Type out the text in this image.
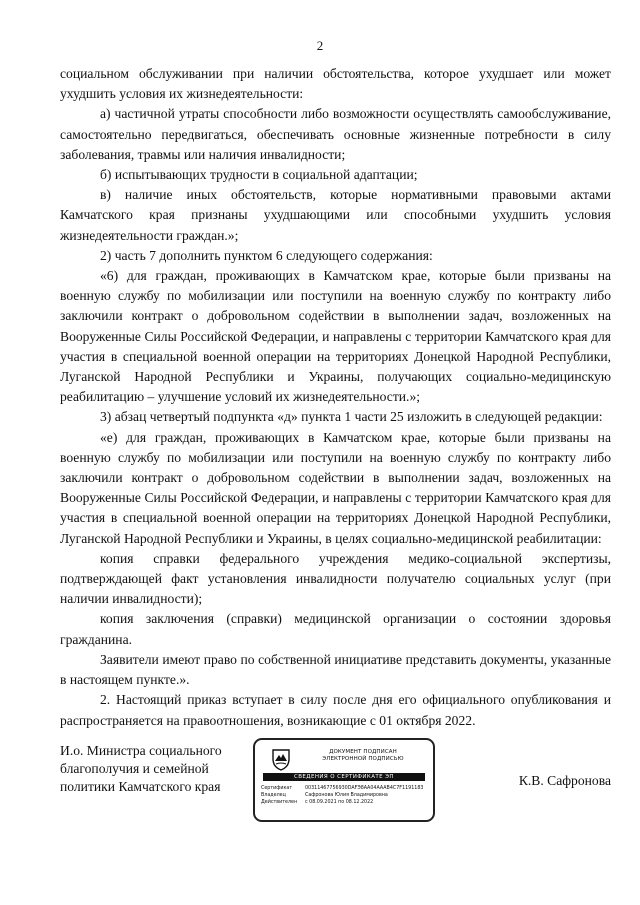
2

социальном обслуживании при наличии обстоятельства, которое ухудшает или может ухудшить условия их жизнедеятельности:

а) частичной утраты способности либо возможности осуществлять самообслуживание, самостоятельно передвигаться, обеспечивать основные жизненные потребности в силу заболевания, травмы или наличия инвалидности;

б) испытывающих трудности в социальной адаптации;

в) наличие иных обстоятельств, которые нормативными правовыми актами Камчатского края признаны ухудшающими или способными ухудшить условия жизнедеятельности граждан.»;

2) часть 7 дополнить пунктом 6 следующего содержания:

«6) для граждан, проживающих в Камчатском крае, которые были призваны на военную службу по мобилизации или поступили на военную службу по контракту либо заключили контракт о добровольном содействии в выполнении задач, возложенных на Вооруженные Силы Российской Федерации, и направлены с территории Камчатского края для участия в специальной военной операции на территориях Донецкой Народной Республики, Луганской Народной Республики и Украины, получающих социально-медицинскую реабилитацию – улучшение условий их жизнедеятельности.»;

3) абзац четвертый подпункта «д» пункта 1 части 25 изложить в следующей редакции:

«е) для граждан, проживающих в Камчатском крае, которые были призваны на военную службу по мобилизации или поступили на военную службу по контракту либо заключили контракт о добровольном содействии в выполнении задач, возложенных на Вооруженные Силы Российской Федерации, и направлены с территории Камчатского края для участия в специальной военной операции на территориях Донецкой Народной Республики, Луганской Народной Республики и Украины, в целях социально-медицинской реабилитации:

копия справки федерального учреждения медико-социальной экспертизы, подтверждающей факт установления инвалидности получателю социальных услуг (при наличии инвалидности);

копия заключения (справки) медицинской организации о состоянии здоровья гражданина.

Заявители имеют право по собственной инициативе представить документы, указанные в настоящем пункте.».

2. Настоящий приказ вступает в силу после дня его официального опубликования и распространяется на правоотношения, возникающие с 01 октября 2022.

И.о. Министра социального
благополучия и семейной
политики Камчатского края
ДОКУМЕНТ ПОДПИСАН
ЭЛЕКТРОННОЙ ПОДПИСЬЮ
СВЕДЕНИЯ О СЕРТИФИКАТЕ ЭП
Сертификат	00311467756930DAFЭ8АA04AAAB4C7F1191183
Владелец	Сафронова Юлия Владимировна
Действителен	с 08.09.2021 по 08.12.2022
К.В. Сафронова
